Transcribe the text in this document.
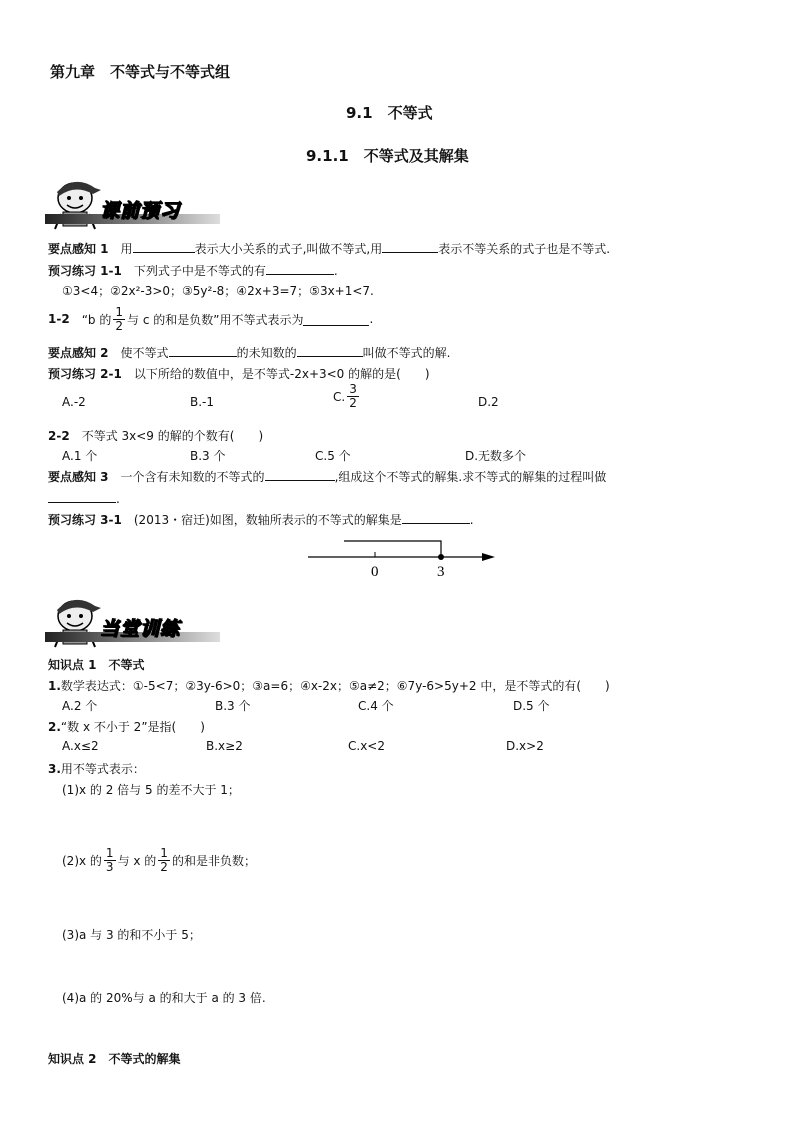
第九章　不等式与不等式组
9.1　不等式
9.1.1　不等式及其解集
课前预习
要点感知 1　 用	表示大小关系的式子,叫做不等式,用	表示不等关系的式子也是不等式.
预习练习 1-1　 下列式子中是不等式的有	.
①3<4；②2x²-3>0；③5y²-8；④2x+3=7；⑤3x+1<7.
1-2
　 “b 的 $\frac{1}{2}$ 与 c 的和是负数”用不等式表示为	.
要点感知 2　 使不等式	的未知数的	叫做不等式的解.
预习练习 2-1　 以下所给的数值中，是不等式-2x+3<0 的解的是(　　)
A.-2	B.-1	C. $\frac{3}{2}$	D.2
2-2　 不等式 3x<9 的解的个数有(　　)
A.1 个	B.3 个	C.5 个	D.无数多个
要点感知 3　 一个含有未知数的不等式的	,组成这个不等式的解集.求不等式的解集的过程叫做
.
预习练习 3-1　 (2013・宿迁)如图，数轴所表示的不等式的解集是	.
0	3
当堂训练
知识点 1　不等式
1.数学表达式：①-5<7；②3y-6>0；③a=6；④x-2x；⑤a≠2；⑥7y-6>5y+2 中，是不等式的有(　　)
A.2 个	B.3 个	C.4 个	D.5 个
2.“数 x 不小于 2”是指(　　)
A.x≤2	B.x≥2	C.x<2	D.x>2
3.用不等式表示：
(1)x 的 2 倍与 5 的差不大于 1；
(2)x 的 $\frac{1}{3}$ 与 x 的 $\frac{1}{2}$ 的和是非负数；
(3)a 与 3 的和不小于 5；
(4)a 的 20%与 a 的和大于 a 的 3 倍.
知识点 2　不等式的解集
